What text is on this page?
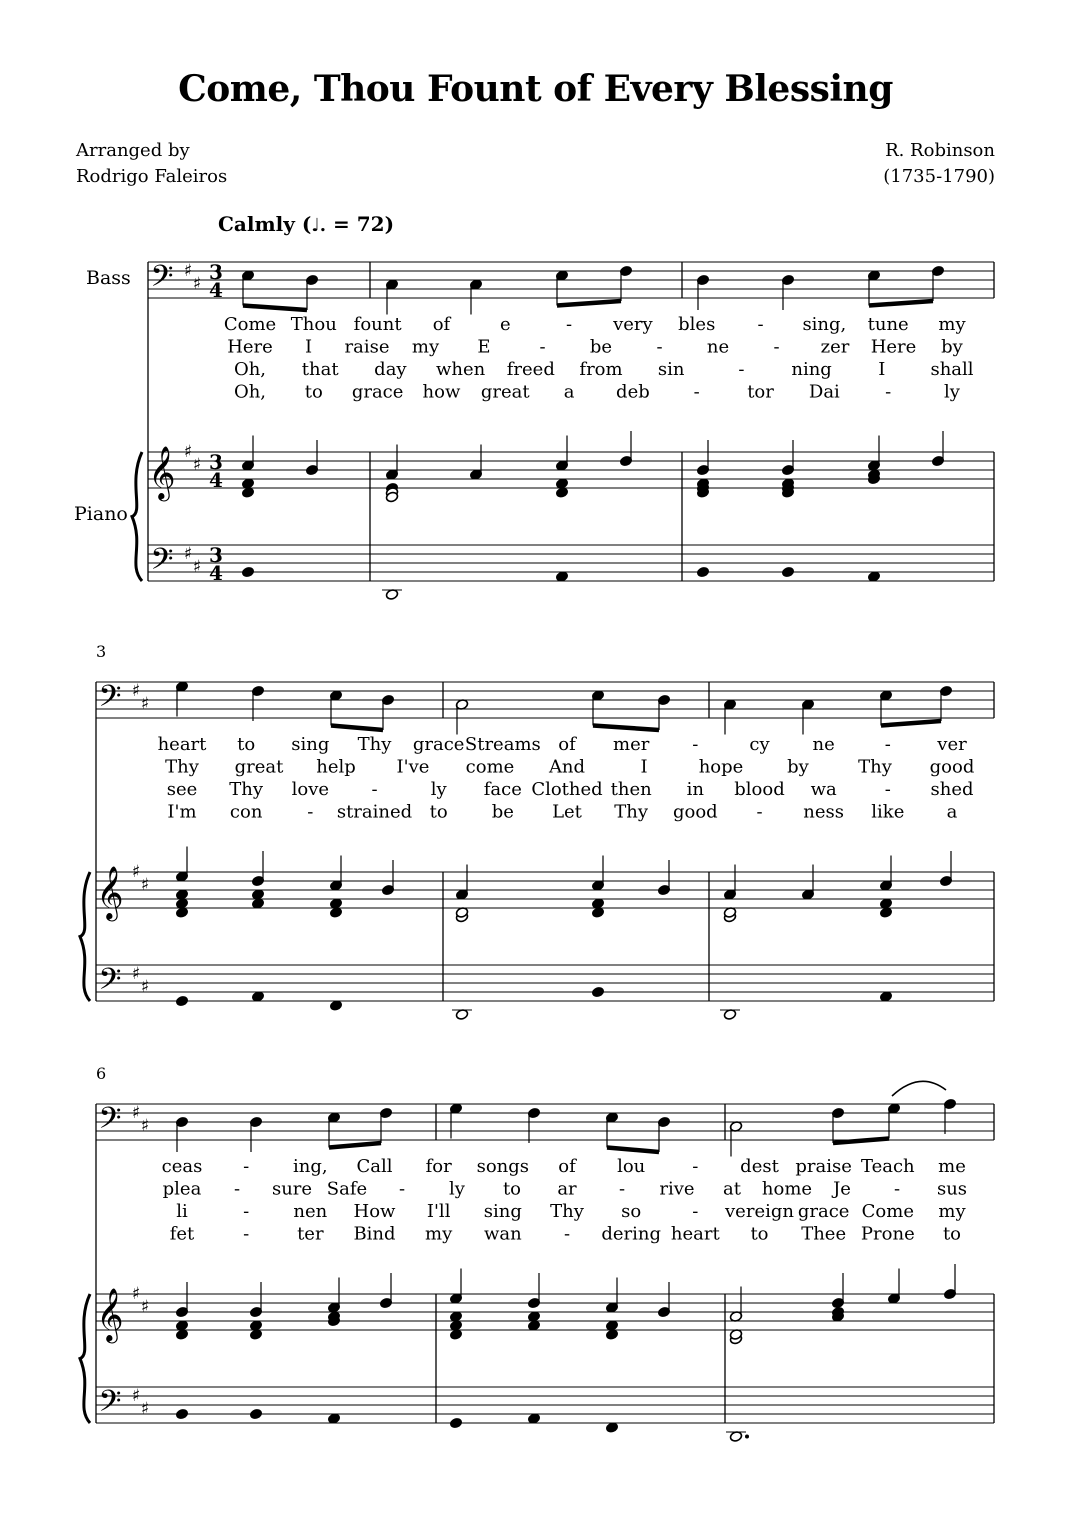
Come, Thou Fount of Every Blessing
Arranged by
Rodrigo Faleiros
R. Robinson
(1735-1790)
Calmly (♩. = 72)
Bass
Piano
3
6
𝄢
𝄞
𝄢
♯
♯
♯
♯
♯
♯
3
4
3
4
3
4
𝄢
𝄞
𝄢
♯
♯
♯
♯
♯
♯
𝄢
𝄞
𝄢
♯
♯
♯
♯
♯
♯
Come Thou fount of	e	- very bles - sing, tune my
Here I raise my E	- be - ne - zer Here by
Oh, that day when freed from sin	-	ning	I	shall
Oh, to grace how great a deb -	tor Dai	-	ly
heart to sing Thy grace Streams of mer -	cy ne	-	ver
Thy great help I've come And	I	hope by	Thy good
see Thy love -	ly face Clothed then in blood wa	- shed
I'm con - strained to be Let Thy good - ness like a
ceas - ing, Call for songs of lou	- dest praise Teach me
plea - sure Safe - ly to ar - rive at home Je - sus
li	- nen How I'll sing Thy so	- vereign grace Come my
fet	-	ter Bind my wan - dering heart to Thee Prone to
